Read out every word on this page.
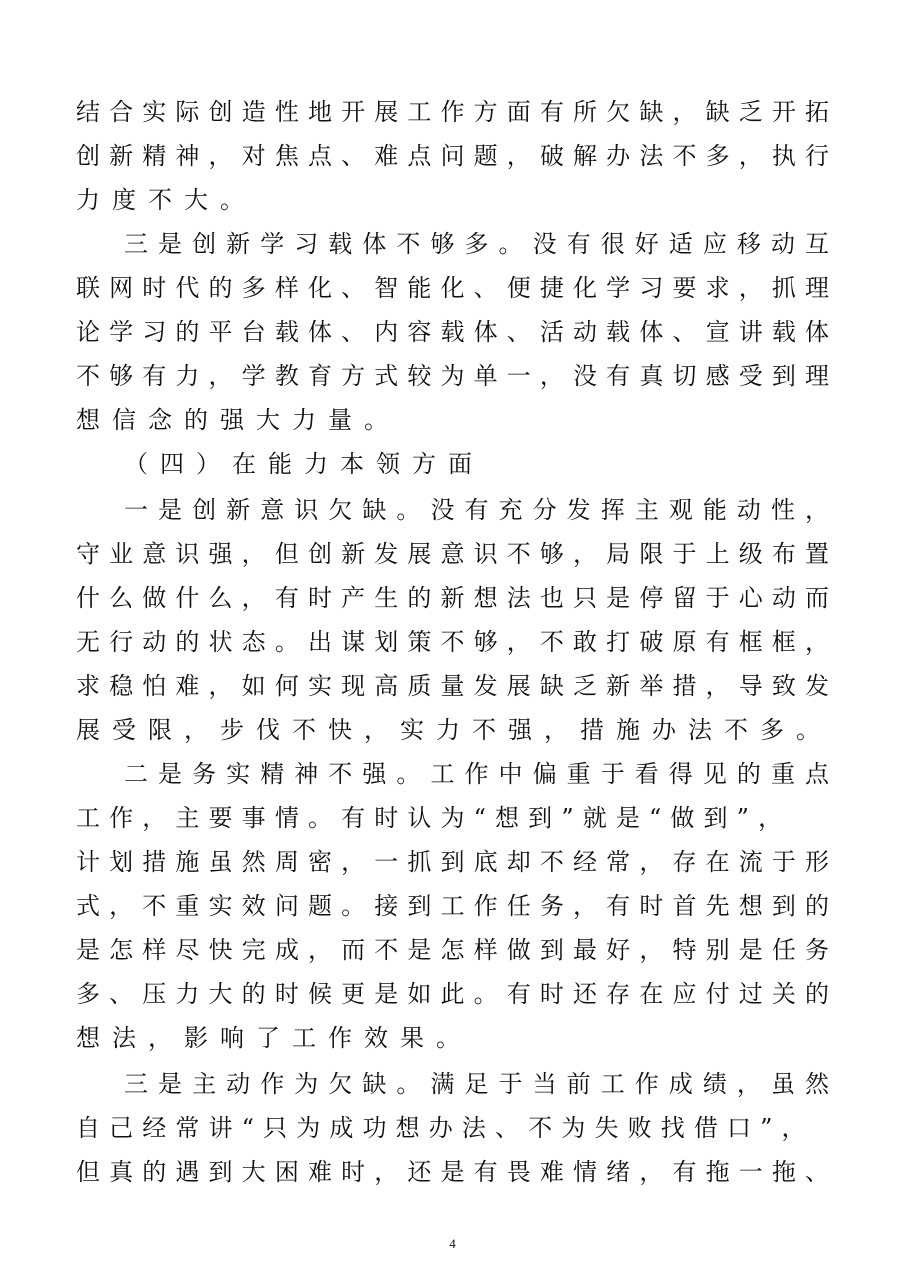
结合实际创造性地开展工作方面有所欠缺，缺乏开拓
创新精神，对焦点、难点问题，破解办法不多，执行
力度不大。
三是创新学习载体不够多。没有很好适应移动互
联网时代的多样化、智能化、便捷化学习要求，抓理
论学习的平台载体、内容载体、活动载体、宣讲载体
不够有力，学教育方式较为单一，没有真切感受到理
想信念的强大力量。
（四）在能力本领方面
一是创新意识欠缺。没有充分发挥主观能动性，
守业意识强，但创新发展意识不够，局限于上级布置
什么做什么，有时产生的新想法也只是停留于心动而
无行动的状态。出谋划策不够，不敢打破原有框框，
求稳怕难，如何实现高质量发展缺乏新举措，导致发
展受限，步伐不快，实力不强，措施办法不多。
二是务实精神不强。工作中偏重于看得见的重点
工作，主要事情。有时认为“想到”就是“做到”，
计划措施虽然周密，一抓到底却不经常，存在流于形
式，不重实效问题。接到工作任务，有时首先想到的
是怎样尽快完成，而不是怎样做到最好，特别是任务
多、压力大的时候更是如此。有时还存在应付过关的
想法，影响了工作效果。
三是主动作为欠缺。满足于当前工作成绩，虽然
自己经常讲“只为成功想办法、不为失败找借口”，
但真的遇到大困难时，还是有畏难情绪，有拖一拖、
4
